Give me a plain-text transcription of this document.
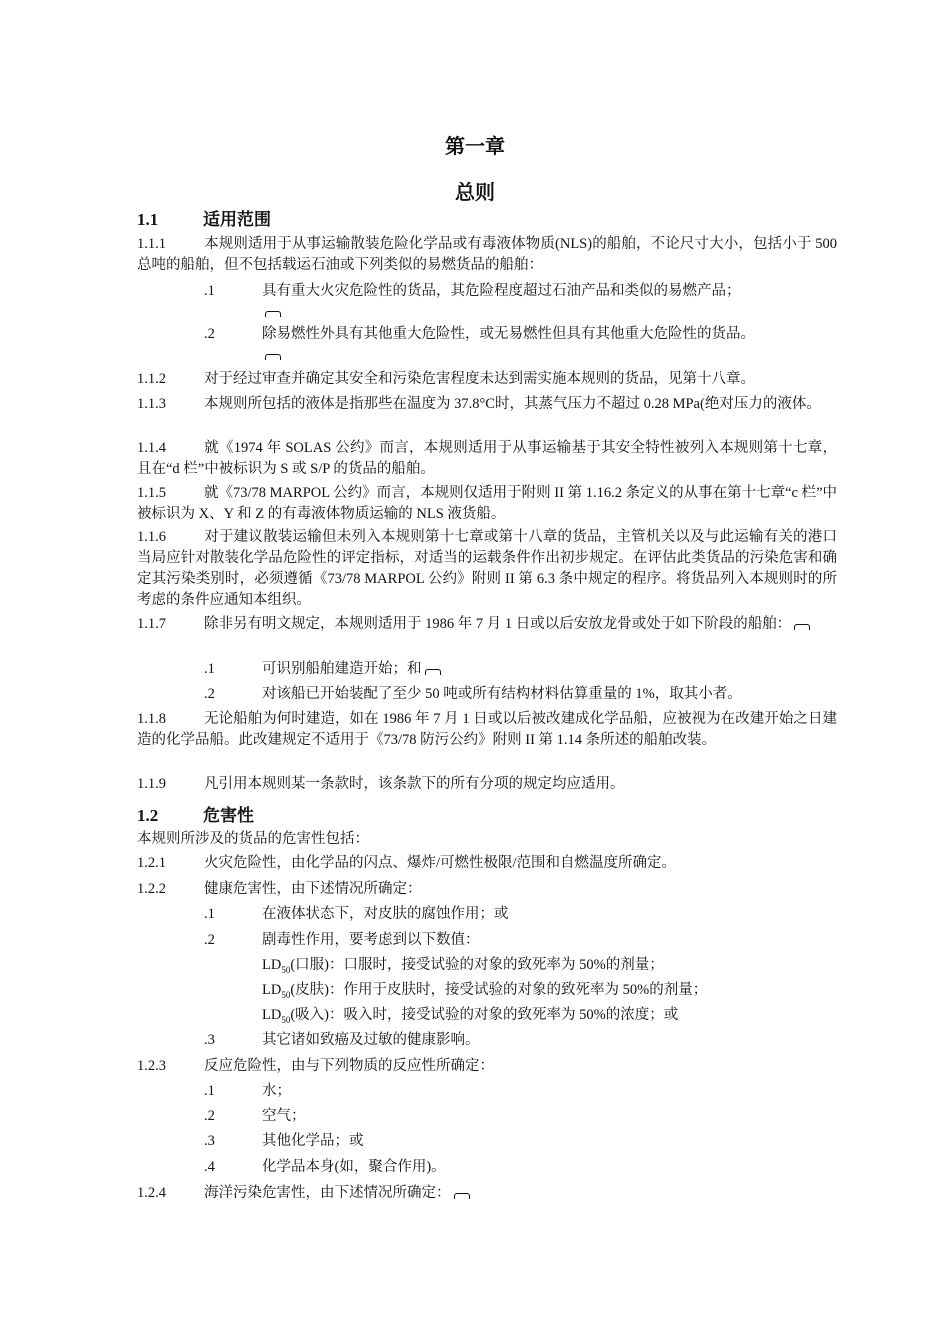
第一章
总则
1.1	适用范围
1.1.1	本规则适用于从事运输散装危险化学品或有毒液体物质(NLS)的船舶，不论尺寸大小，包括小于 500 总吨的船舶，但不包括载运石油或下列类似的易燃货品的船舶：
.1	具有重大火灾危险性的货品，其危险程度超过石油产品和类似的易燃产品；
.2	除易燃性外具有其他重大危险性，或无易燃性但具有其他重大危险性的货品。
1.1.2	对于经过审查并确定其安全和污染危害程度未达到需实施本规则的货品，见第十八章。
1.1.3	本规则所包括的液体是指那些在温度为 37.8°C时，其蒸气压力不超过 0.28 MPa(绝对压力的液体。
1.1.4	就《1974 年 SOLAS 公约》而言，本规则适用于从事运输基于其安全特性被列入本规则第十七章，且在“d 栏”中被标识为 S 或 S/P 的货品的船舶。
1.1.5	就《73/78 MARPOL 公约》而言，本规则仅适用于附则 II 第 1.16.2 条定义的从事在第十七章“c 栏”中被标识为 X、Y 和 Z 的有毒液体物质运输的 NLS 液货船。
1.1.6	对于建议散装运输但未列入本规则第十七章或第十八章的货品，主管机关以及与此运输有关的港口当局应针对散装化学品危险性的评定指标，对适当的运载条件作出初步规定。在评估此类货品的污染危害和确定其污染类别时，必须遵循《73/78 MARPOL 公约》附则 II 第 6.3 条中规定的程序。将货品列入本规则时的所考虑的条件应通知本组织。
1.1.7	除非另有明文规定，本规则适用于 1986 年 7 月 1 日或以后安放龙骨或处于如下阶段的船舶：
.1	可识别船舶建造开始；和
.2	对该船已开始装配了至少 50 吨或所有结构材料估算重量的 1%，取其小者。
1.1.8	无论船舶为何时建造，如在 1986 年 7 月 1 日或以后被改建成化学品船，应被视为在改建开始之日建造的化学品船。此改建规定不适用于《73/78 防污公约》附则 II 第 1.14 条所述的船舶改装。
1.1.9	凡引用本规则某一条款时，该条款下的所有分项的规定均应适用。
1.2	危害性
本规则所涉及的货品的危害性包括：
1.2.1	火灾危险性，由化学品的闪点、爆炸/可燃性极限/范围和自燃温度所确定。
1.2.2	健康危害性，由下述情况所确定：
.1	在液体状态下，对皮肤的腐蚀作用；或
.2	剧毒性作用，要考虑到以下数值：
$LD_{50}$(口服)：口服时，接受试验的对象的致死率为 50%的剂量；
$LD_{50}$(皮肤)：作用于皮肤时，接受试验的对象的致死率为 50%的剂量；
$LD_{50}$(吸入)：吸入时，接受试验的对象的致死率为 50%的浓度；或
.3	其它诸如致癌及过敏的健康影响。
1.2.3	反应危险性，由与下列物质的反应性所确定：
.1	水；
.2	空气；
.3	其他化学品；或
.4	化学品本身(如，聚合作用)。
1.2.4	海洋污染危害性，由下述情况所确定：
